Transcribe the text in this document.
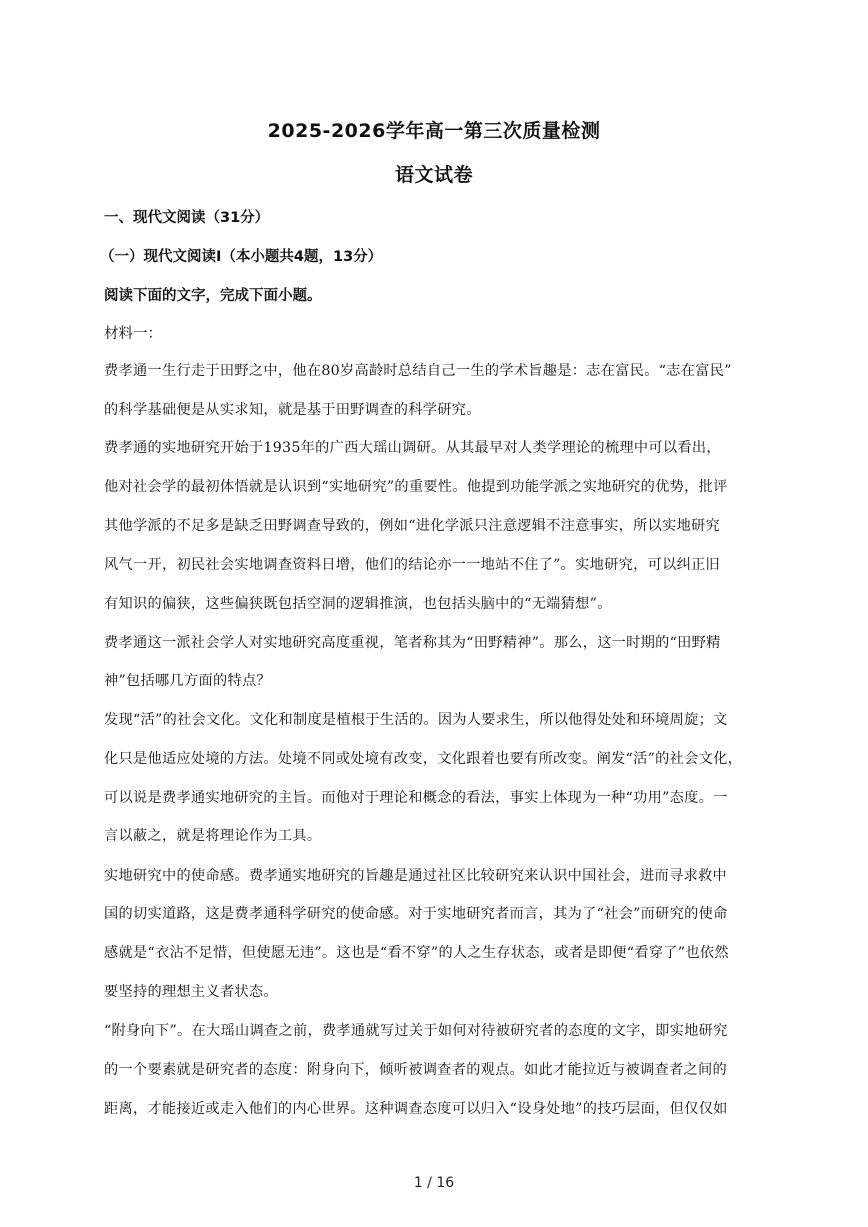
2025-2026学年高一第三次质量检测
语文试卷
一、现代文阅读（31分）
（一）现代文阅读I（本小题共4题，13分）
阅读下面的文字，完成下面小题。
材料一：
费孝通一生行走于田野之中，他在80岁高龄时总结自己一生的学术旨趣是：志在富民。“志在富民”
的科学基础便是从实求知，就是基于田野调查的科学研究。
费孝通的实地研究开始于1935年的广西大瑶山调研。从其最早对人类学理论的梳理中可以看出，
他对社会学的最初体悟就是认识到“实地研究”的重要性。他提到功能学派之实地研究的优势，批评
其他学派的不足多是缺乏田野调查导致的，例如“进化学派只注意逻辑不注意事实，所以实地研究
风气一开，初民社会实地调查资料日增，他们的结论亦一一地站不住了”。实地研究，可以纠正旧
有知识的偏狭，这些偏狭既包括空洞的逻辑推演，也包括头脑中的“无端猜想”。
费孝通这一派社会学人对实地研究高度重视，笔者称其为“田野精神”。那么，这一时期的“田野精
神”包括哪几方面的特点？
发现“活”的社会文化。文化和制度是植根于生活的。因为人要求生，所以他得处处和环境周旋；文
化只是他适应处境的方法。处境不同或处境有改变，文化跟着也要有所改变。阐发“活”的社会文化，
可以说是费孝通实地研究的主旨。而他对于理论和概念的看法，事实上体现为一种“功用”态度。一
言以蔽之，就是将理论作为工具。
实地研究中的使命感。费孝通实地研究的旨趣是通过社区比较研究来认识中国社会，进而寻求救中
国的切实道路，这是费孝通科学研究的使命感。对于实地研究者而言，其为了“社会”而研究的使命
感就是“衣沾不足惜，但使愿无违”。这也是“看不穿”的人之生存状态，或者是即便“看穿了”也依然
要坚持的理想主义者状态。
“附身向下”。在大瑶山调查之前，费孝通就写过关于如何对待被研究者的态度的文字，即实地研究
的一个要素就是研究者的态度：附身向下，倾听被调查者的观点。如此才能拉近与被调查者之间的
距离，才能接近或走入他们的内心世界。这种调查态度可以归入“设身处地”的技巧层面，但仅仅如
1 / 16
